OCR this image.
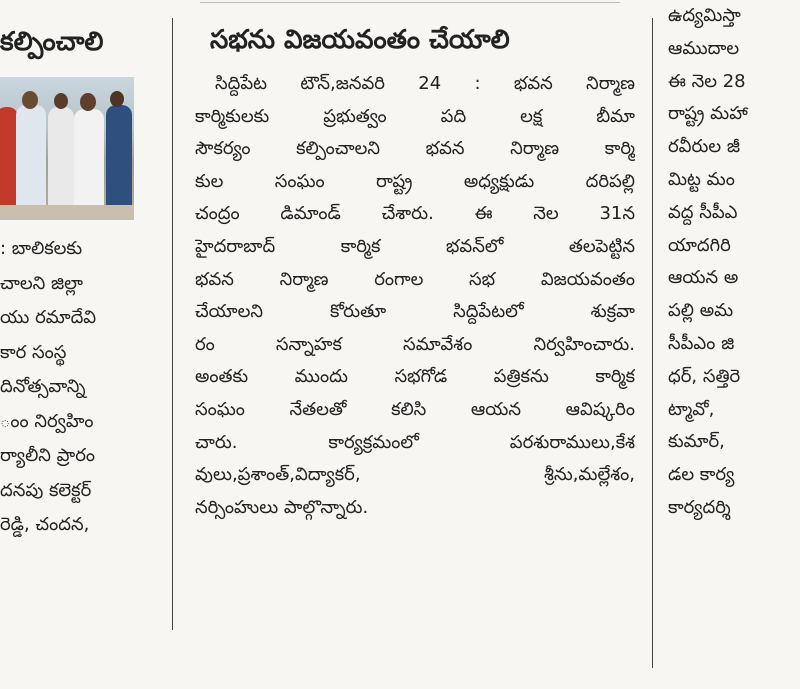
కల్పించాలి
: బాలికలకు
చాలని జిల్లా
యు రమాదేవి
కార సంస్థ
దినోత్సవాన్ని
ంం నిర్వహిం
ర్యాలీని ప్రారం
దనపు కలెక్టర్
రెడ్డి, చందన,
సభను విజయవంతం చేయాలి
సిద్దిపేట టౌన్,జనవరి 24 : భవన నిర్మాణ
కార్మికులకు ప్రభుత్వం పది లక్ష బీమా
సౌకర్యం కల్పించాలని భవన నిర్మాణ కార్మి
కుల సంఘం రాష్ట్ర అధ్యక్షుడు దరిపల్లి
చంద్రం డిమాండ్ చేశారు. ఈ నెల 31న
హైదరాబాద్ కార్మిక భవన్‌లో తలపెట్టిన
భవన నిర్మాణ రంగాల సభ విజయవంతం
చేయాలని కోరుతూ సిద్దిపేటలో శుక్రవా
రం సన్నాహక సమావేశం నిర్వహించారు.
అంతకు ముందు సభగోడ పత్రికను కార్మిక
సంఘం నేతలతో కలిసి ఆయన ఆవిష్కరిం
చారు. కార్యక్రమంలో పరశురాములు,కేశ
వులు,ప్రశాంత్,విద్యాకర్, శ్రీను,మల్లేశం,
నర్సింహులు పాల్గొన్నారు.
ఉద్యమిస్తా
ఆముదాల
ఈ నెల 28
రాష్ట్ర మహా
రవీరుల జీ
మిట్ట మం
వద్ద సీపీఎ
యాదగిరి
ఆయన అ
పల్లి అమ
సీపీఎం జి
ధర్, సత్తిరె
ట్మావో,
కుమార్,
డల కార్య
కార్యదర్శి
